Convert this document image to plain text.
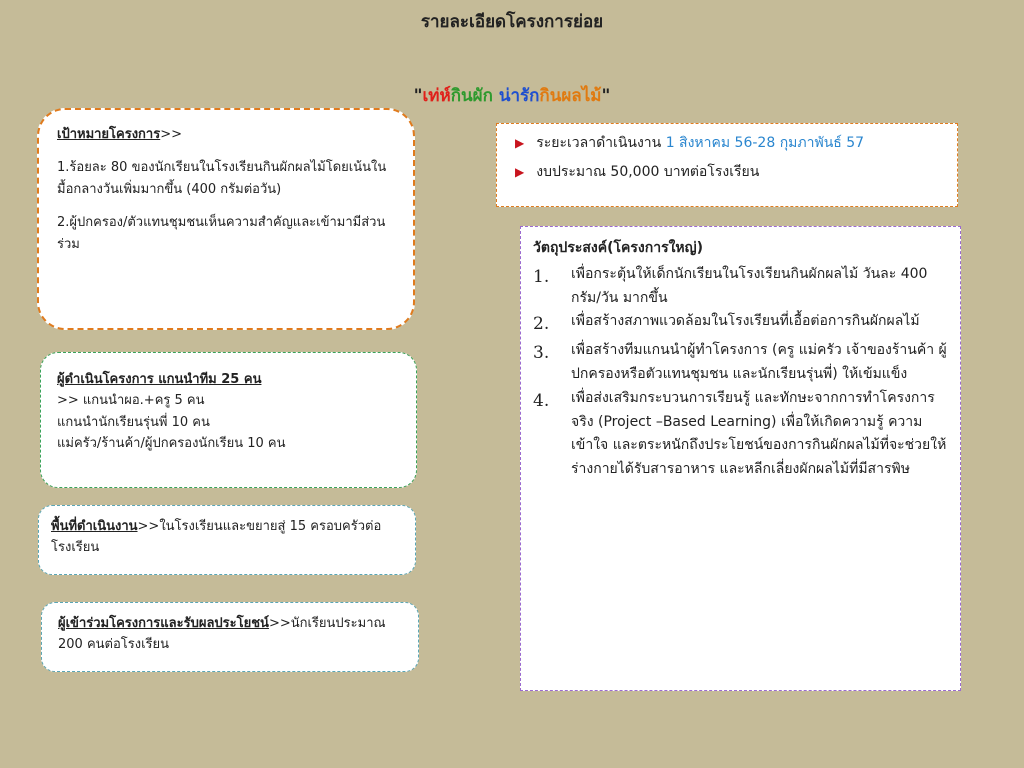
รายละเอียดโครงการย่อย
"เท่ห์กินผัก น่ารักกินผลไม้"

เป้าหมายโครงการ>>

1.ร้อยละ 80 ของนักเรียนในโรงเรียนกินผักผลไม้โดยเน้นในมื้อกลางวันเพิ่มมากขึ้น (400 กรัมต่อวัน)

2.ผู้ปกครอง/ตัวแทนชุมชนเห็นความสำคัญและเข้ามามีส่วนร่วม

ผู้ดำเนินโครงการ แกนนำทีม 25 คน

>> แกนนำผอ.+ครู 5 คน

แกนนำนักเรียนรุ่นพี่ 10 คน

แม่ครัว/ร้านค้า/ผู้ปกครองนักเรียน 10 คน

พื้นที่ดำเนินงาน>>ในโรงเรียนและขยายสู่ 15 ครอบครัวต่อโรงเรียน

ผู้เข้าร่วมโครงการและรับผลประโยชน์>>นักเรียนประมาณ 200 คนต่อโรงเรียน

▶ ระยะเวลาดำเนินงาน 1 สิงหาคม 56-28 กุมภาพันธ์ 57
▶ งบประมาณ 50,000 บาทต่อโรงเรียน

วัตถุประสงค์(โครงการใหญ่)

1.	เพื่อกระตุ้นให้เด็กนักเรียนในโรงเรียนกินผักผลไม้ วันละ 400 กรัม/วัน มากขึ้น
2.	เพื่อสร้างสภาพแวดล้อมในโรงเรียนที่เอื้อต่อการกินผักผลไม้
3.	เพื่อสร้างทีมแกนนำผู้ทำโครงการ (ครู แม่ครัว เจ้าของร้านค้า ผู้ปกครองหรือตัวแทนชุมชน และนักเรียนรุ่นพี่) ให้เข้มแข็ง
4.	เพื่อส่งเสริมกระบวนการเรียนรู้ และทักษะจากการทำโครงการจริง (Project –Based Learning) เพื่อให้เกิดความรู้ ความเข้าใจ และตระหนักถึงประโยชน์ของการกินผักผลไม้ที่จะช่วยให้ร่างกายได้รับสารอาหาร และหลีกเลี่ยงผักผลไม้ที่มีสารพิษ
